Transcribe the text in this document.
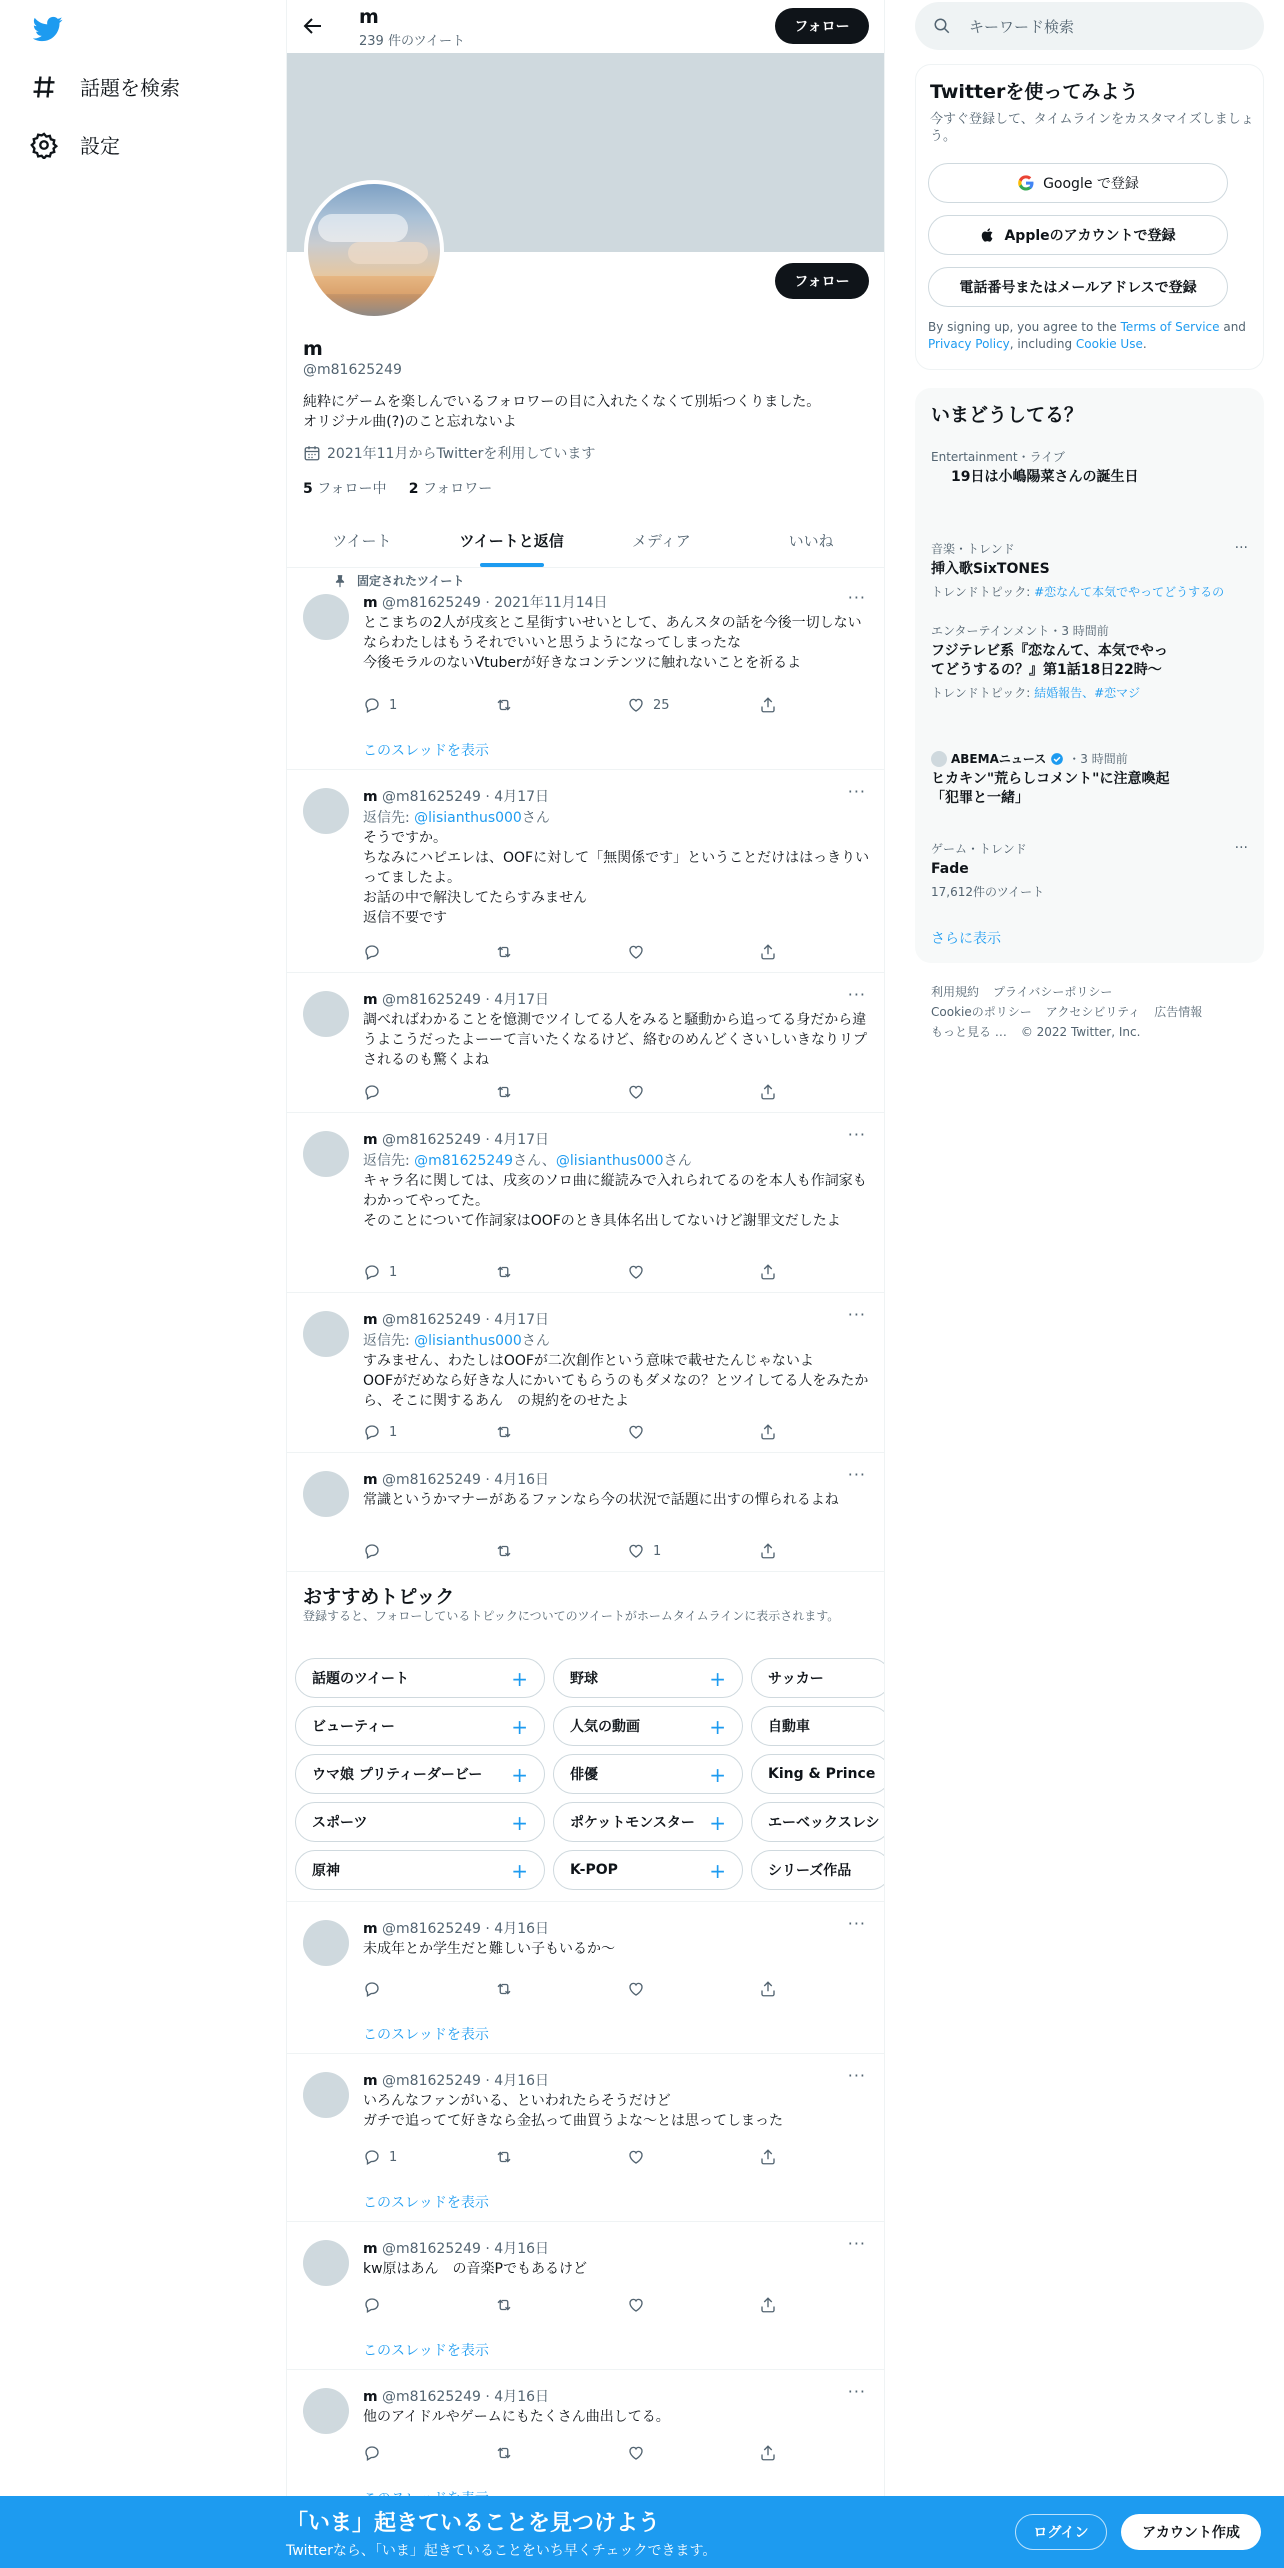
話題を検索
設定
m
239 件のツイート
フォロー
フォロー
m
@m81625249
純粋にゲームを楽しんでいるフォロワーの目に入れたくなくて別垢つくりました。
オリジナル曲(?)のこと忘れないよ
2021年11月からTwitterを利用しています
5 フォロー中 2 フォロワー
ツイート	ツイートと返信	メディア	いいね
固定されたツイート
m @m81625249 · 2021年11月14日	···
とこまちの2人が戌亥とこ星街すいせいとして、あんスタの話を今後一切しないならわたしはもうそれでいいと思うようになってしまったな
今後モラルのないVtuberが好きなコンテンツに触れないことを祈るよ
1	25
このスレッドを表示
m @m81625249 · 4月17日	···
返信先: @lisianthus000さん
そうですか。
ちなみにハピエレは、OOFに対して「無関係です」ということだけははっきりいってましたよ。
お話の中で解決してたらすみません
返信不要です
m @m81625249 · 4月17日	···
調べればわかることを憶測でツイしてる人をみると騒動から追ってる身だから違うよこうだったよーーて言いたくなるけど、絡むのめんどくさいしいきなりリプされるのも驚くよね
m @m81625249 · 4月17日	···
返信先: @m81625249さん、@lisianthus000さん
キャラ名に関しては、戌亥のソロ曲に縦読みで入れられてるのを本人も作詞家もわかってやってた。
そのことについて作詞家はOOFのとき具体名出してないけど謝罪文だしたよ
1
m @m81625249 · 4月17日	···
返信先: @lisianthus000さん
すみません、わたしはOOFが二次創作という意味で載せたんじゃないよ
OOFがだめなら好きな人にかいてもらうのもダメなの？とツイしてる人をみたから、そこに関するあん　の規約をのせたよ
1
m @m81625249 · 4月16日	···
常識というかマナーがあるファンなら今の状況で話題に出すの憚られるよね
1
m @m81625249 · 4月16日	···
未成年とか学生だと難しい子もいるか〜
このスレッドを表示
m @m81625249 · 4月16日	···
いろんなファンがいる、といわれたらそうだけど
ガチで追ってて好きなら金払って曲買うよな〜とは思ってしまった
1
このスレッドを表示
m @m81625249 · 4月16日	···
kw原はあん　の音楽Pでもあるけど
このスレッドを表示
m @m81625249 · 4月16日	···
他のアイドルやゲームにもたくさん曲出してる。
おすすめトピック
登録すると、フォローしているトピックについてのツイートがホームタイムラインに表示されます。
話題のツイート	+	野球	+	サッカー
ビューティー	+	人気の動画	+	自動車
ウマ娘 プリティーダービー +	俳優	+	King & Prince
スポーツ	+	ポケットモンスター +	エーベックスレシ
原神	+	K-POP	+	シリーズ作品
キーワード検索
Twitterを使ってみよう
今すぐ登録して、タイムラインをカスタマイズしましょう。
Google で登録
Appleのアカウントで登録
電話番号またはメールアドレスで登録
By signing up, you agree to the Terms of Service and Privacy Policy, including Cookie Use.
いまどうしてる？
Entertainment・ライブ
19日は小嶋陽菜さんの誕生日
音楽・トレンド
挿入歌SixTONES
トレンドトピック: #恋なんて本気でやってどうするの
···
エンターテインメント・3 時間前
フジテレビ系『恋なんて、本気でやってどうするの？』第1話18日22時〜
トレンドトピック: 結婚報告、#恋マジ
ABEMAニュース ・3 時間前
ヒカキン"荒らしコメント"に注意喚起「犯罪と一緒」
ゲーム・トレンド
Fade
17,612件のツイート
···
さらに表示
利用規約 プライバシーポリシー
Cookieのポリシー アクセシビリティ 広告情報
もっと見る … © 2022 Twitter, Inc.
「いま」起きていることを見つけよう
Twitterなら、「いま」起きていることをいち早くチェックできます。
ログイン	アカウント作成
